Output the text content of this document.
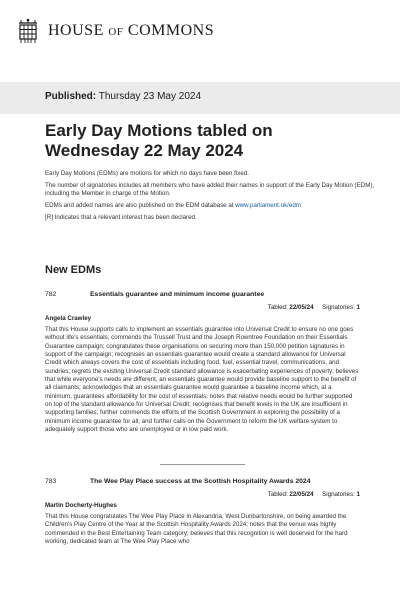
HOUSE OF COMMONS
Published: Thursday 23 May 2024
Early Day Motions tabled on Wednesday 22 May 2024

Early Day Motions (EDMs) are motions for which no days have been fixed.

The number of signatories includes all members who have added their names in support of the Early Day Motion (EDM), including the Member in charge of the Motion.

EDMs and added names are also published on the EDM database at www.parliament.uk/edm

[R] Indicates that a relevant interest has been declared.

New EDMs
782	Essentials guarantee and minimum income guarantee
Tabled: 22/05/24 Signatories: 1
Angela Crawley

That this House supports calls to implement an essentials guarantee into Universal Credit to ensure no one goes without life's essentials; commends the Trussell Trust and the Joseph Rowntree Foundation on their Essentials Guarantee campaign; congratulates these organisations on securing more than 150,000 petition signatures in support of the campaign; recognises an essentials guarantee would create a standard allowance for Universal Credit which always covers the cost of essentials including food, fuel, essential travel, communications, and sundries; regrets the existing Universal Credit standard allowance is exacerbating experiences of poverty; believes that while everyone's needs are different, an essentials guarantee would provide baseline support to the benefit of all claimants; acknowledges that an essentials guarantee would guarantee a baseline income which, at a minimum, guarantees affordability for the cost of essentials; notes that relative needs would be further supported on top of the standard allowance for Universal Credit; recognises that benefit levels in the UK are insufficient in supporting families; further commends the efforts of the Scottish Government in exploring the possibility of a minimum income guarantee for all; and further calls on the Government to reform the UK welfare system to adequately support those who are unemployed or in low paid work.

783	The Wee Play Place success at the Scottish Hospitality Awards 2024
Tabled: 22/05/24 Signatories: 1
Martin Docherty-Hughes

That this House congratulates The Wee Play Place in Alexandria, West Dunbartonshire, on being awarded the Children's Play Centre of the Year at the Scottish Hospitality Awards 2024; notes that the venue was highly commended in the Best Entertaining Team category; believes that this recognition is well deserved for the hard working, dedicated team at The Wee Play Place who
